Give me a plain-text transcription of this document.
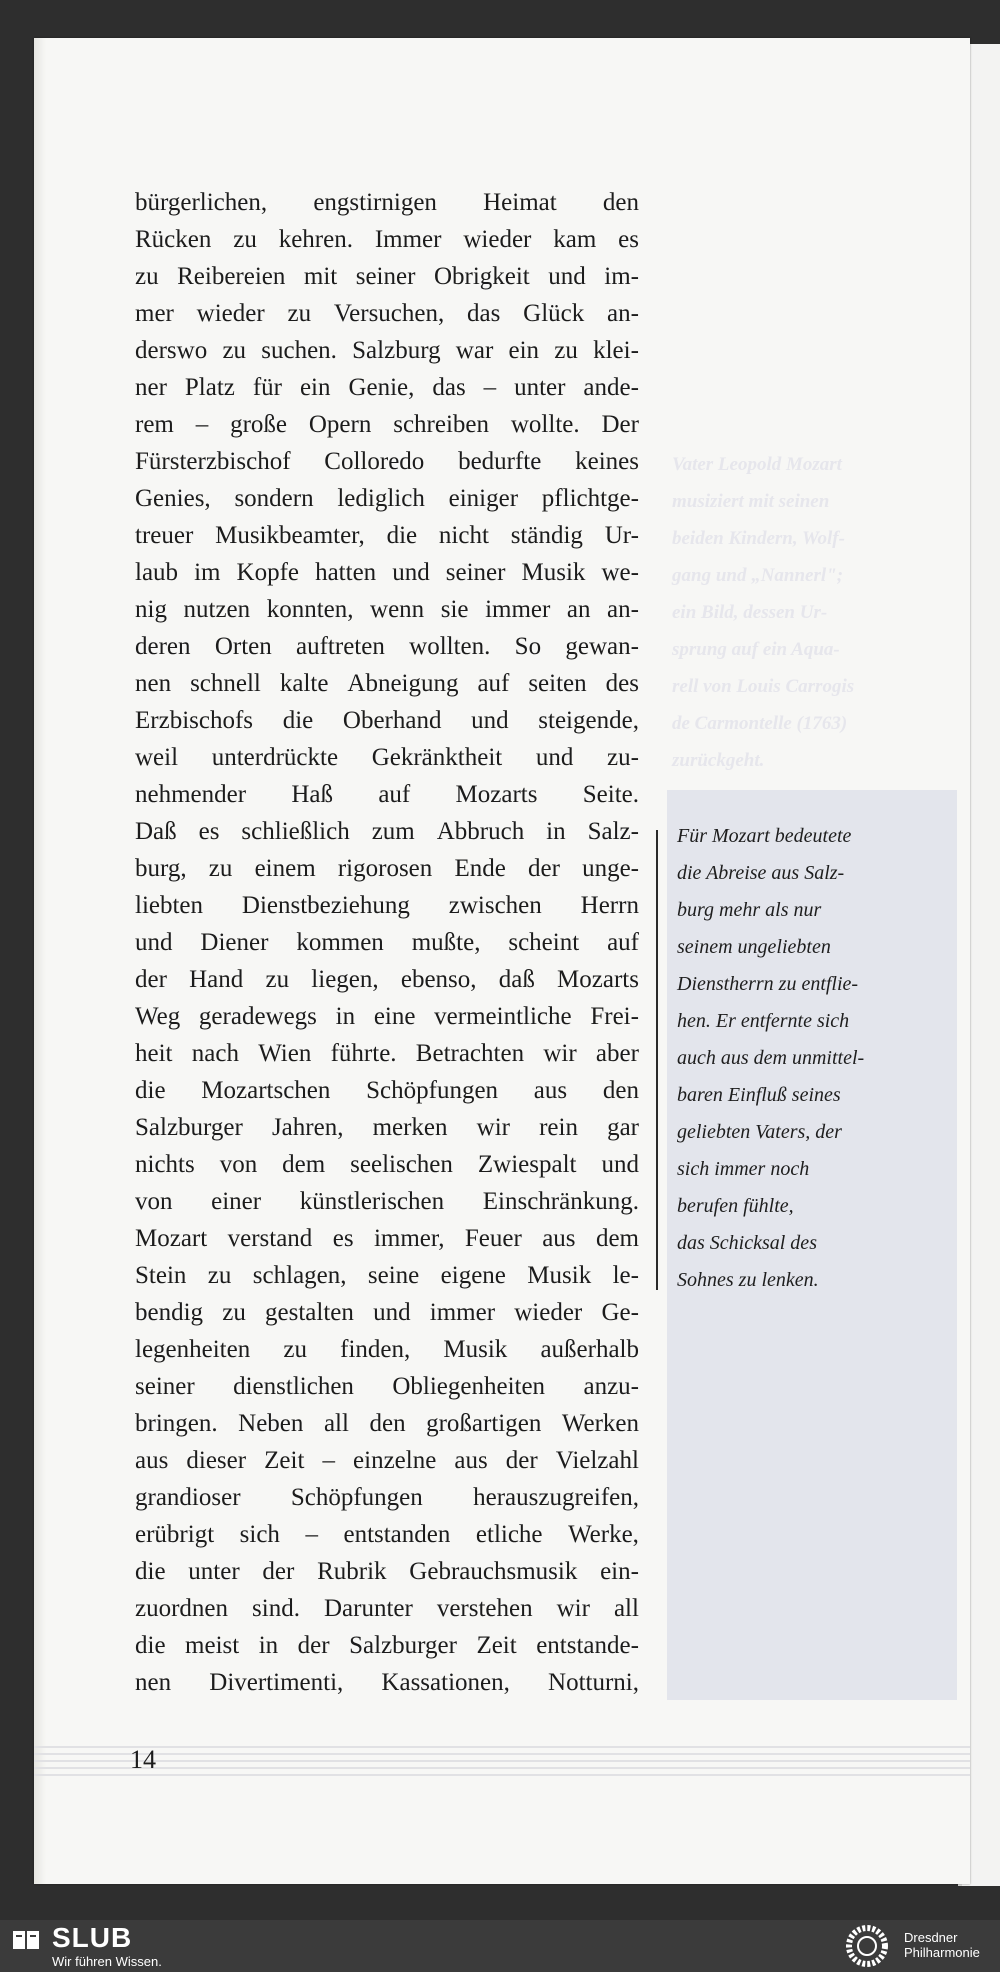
Vater Leopold Mozart
musiziert mit seinen
beiden Kindern, Wolf-
gang und „Nannerl";
ein Bild, dessen Ur-
sprung auf ein Aqua-
rell von Louis Carrogis
de Carmontelle (1763)
zurückgeht.
Für Mozart bedeutete
die Abreise aus Salz-
burg mehr als nur
seinem ungeliebten
Dienstherrn zu entflie-
hen. Er entfernte sich
auch aus dem unmittel-
baren Einfluß seines
geliebten Vaters, der
sich immer noch
berufen fühlte,
das Schicksal des
Sohnes zu lenken.
bürgerlichen, engstirnigen Heimat den
Rücken zu kehren. Immer wieder kam es
zu Reibereien mit seiner Obrigkeit und im-
mer wieder zu Versuchen, das Glück an-
derswo zu suchen. Salzburg war ein zu klei-
ner Platz für ein Genie, das – unter ande-
rem – große Opern schreiben wollte. Der
Fürsterzbischof Colloredo bedurfte keines
Genies, sondern lediglich einiger pflichtge-
treuer Musikbeamter, die nicht ständig Ur-
laub im Kopfe hatten und seiner Musik we-
nig nutzen konnten, wenn sie immer an an-
deren Orten auftreten wollten. So gewan-
nen schnell kalte Abneigung auf seiten des
Erzbischofs die Oberhand und steigende,
weil unterdrückte Gekränktheit und zu-
nehmender Haß auf Mozarts Seite.
Daß es schließlich zum Abbruch in Salz-
burg, zu einem rigorosen Ende der unge-
liebten Dienstbeziehung zwischen Herrn
und Diener kommen mußte, scheint auf
der Hand zu liegen, ebenso, daß Mozarts
Weg geradewegs in eine vermeintliche Frei-
heit nach Wien führte. Betrachten wir aber
die Mozartschen Schöpfungen aus den
Salzburger Jahren, merken wir rein gar
nichts von dem seelischen Zwiespalt und
von einer künstlerischen Einschränkung.
Mozart verstand es immer, Feuer aus dem
Stein zu schlagen, seine eigene Musik le-
bendig zu gestalten und immer wieder Ge-
legenheiten zu finden, Musik außerhalb
seiner dienstlichen Obliegenheiten anzu-
bringen. Neben all den großartigen Werken
aus dieser Zeit – einzelne aus der Vielzahl
grandioser Schöpfungen herauszugreifen,
erübrigt sich – entstanden etliche Werke,
die unter der Rubrik Gebrauchsmusik ein-
zuordnen sind. Darunter verstehen wir all
die meist in der Salzburger Zeit entstande-
nen Divertimenti, Kassationen, Notturni,
14
SLUB
Wir führen Wissen.
Dresdner
Philharmonie
